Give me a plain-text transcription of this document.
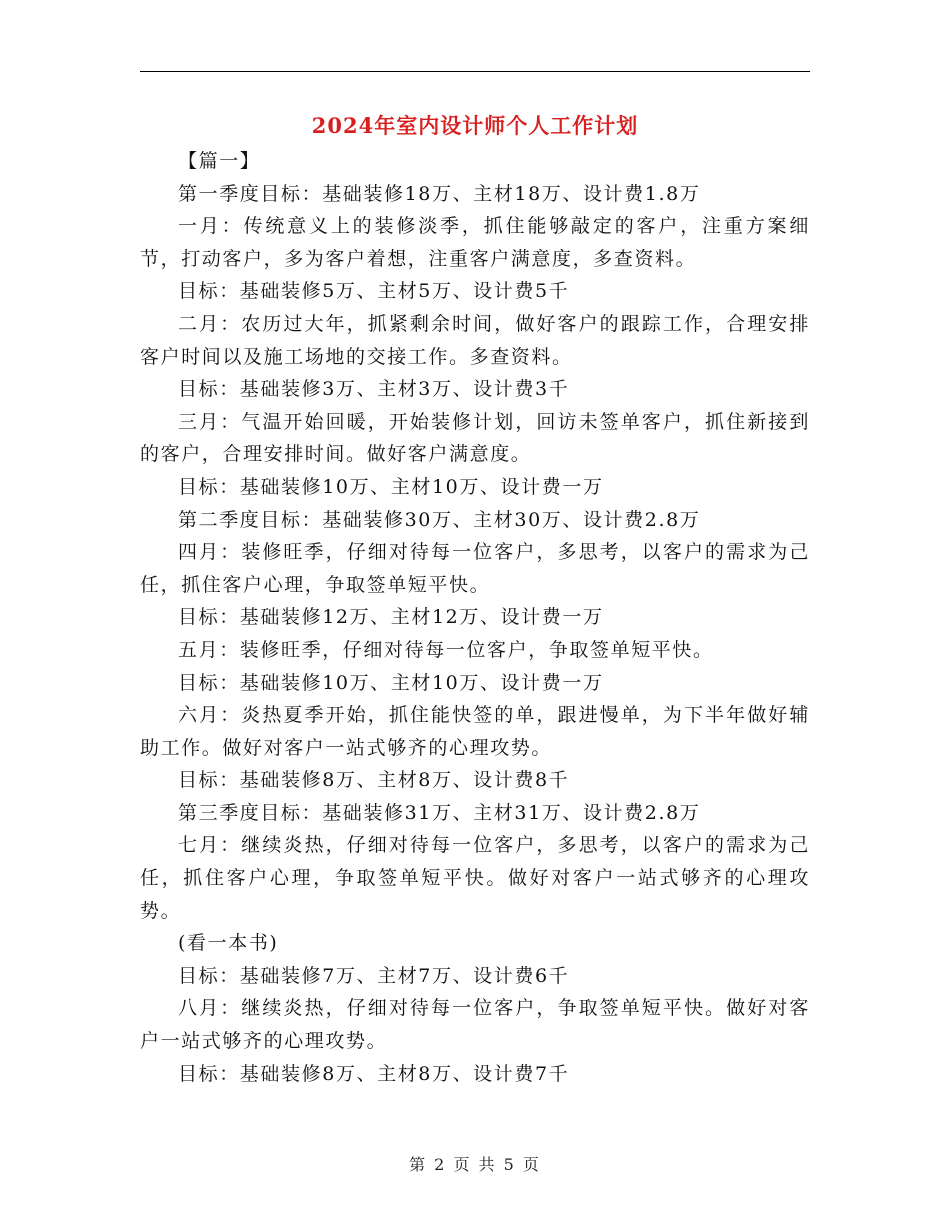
2024年室内设计师个人工作计划

【篇一】

第一季度目标：基础装修18万、主材18万、设计费1.8万

一月：传统意义上的装修淡季，抓住能够敲定的客户，注重方案细节，打动客户，多为客户着想，注重客户满意度，多查资料。

目标：基础装修5万、主材5万、设计费5千

二月：农历过大年，抓紧剩余时间，做好客户的跟踪工作，合理安排客户时间以及施工场地的交接工作。多查资料。

目标：基础装修3万、主材3万、设计费3千

三月：气温开始回暖，开始装修计划，回访未签单客户，抓住新接到的客户，合理安排时间。做好客户满意度。

目标：基础装修10万、主材10万、设计费一万

第二季度目标：基础装修30万、主材30万、设计费2.8万

四月：装修旺季，仔细对待每一位客户，多思考，以客户的需求为己任，抓住客户心理，争取签单短平快。

目标：基础装修12万、主材12万、设计费一万

五月：装修旺季，仔细对待每一位客户，争取签单短平快。

目标：基础装修10万、主材10万、设计费一万

六月：炎热夏季开始，抓住能快签的单，跟进慢单，为下半年做好辅助工作。做好对客户一站式够齐的心理攻势。

目标：基础装修8万、主材8万、设计费8千

第三季度目标：基础装修31万、主材31万、设计费2.8万

七月：继续炎热，仔细对待每一位客户，多思考，以客户的需求为己任，抓住客户心理，争取签单短平快。做好对客户一站式够齐的心理攻势。

(看一本书)

目标：基础装修7万、主材7万、设计费6千

八月：继续炎热，仔细对待每一位客户，争取签单短平快。做好对客户一站式够齐的心理攻势。

目标：基础装修8万、主材8万、设计费7千

第 2 页 共 5 页
